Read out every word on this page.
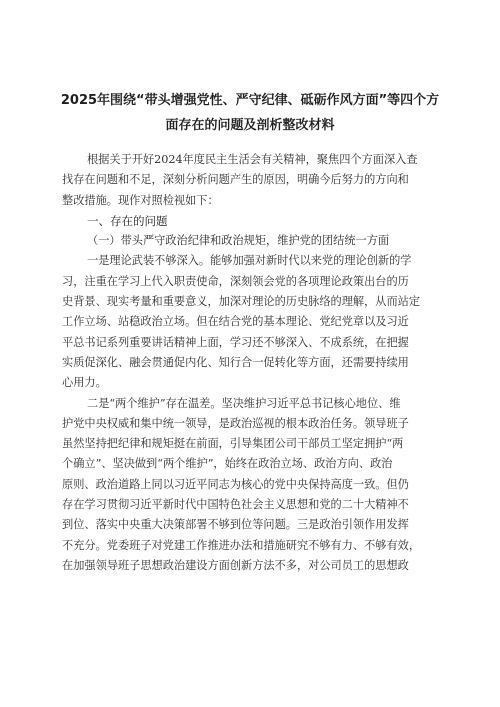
2025年围绕“带头增强党性、严守纪律、砥砺作风方面”等四个方
面存在的问题及剖析整改材料
根据关于开好2024年度民主生活会有关精神，聚焦四个方面深入查
找存在问题和不足，深刻分析问题产生的原因，明确今后努力的方向和
整改措施。现作对照检视如下：
一、存在的问题
（一）带头严守政治纪律和政治规矩，维护党的团结统一方面
一是理论武装不够深入。能够加强对新时代以来党的理论创新的学
习，注重在学习上代入职责使命，深刻领会党的各项理论政策出台的历
史背景、现实考量和重要意义，加深对理论的历史脉络的理解，从而站定
工作立场、站稳政治立场。但在结合党的基本理论、党纪党章以及习近
平总书记系列重要讲话精神上面，学习还不够深入、不成系统，在把握
实质促深化、融会贯通促内化、知行合一促转化等方面，还需要持续用
心用力。
二是“两个维护”存在温差。坚决维护习近平总书记核心地位、维
护党中央权威和集中统一领导，是政治巡视的根本政治任务。领导班子
虽然坚持把纪律和规矩挺在前面，引导集团公司干部员工坚定拥护“两
个确立”、坚决做到“两个维护”，始终在政治立场、政治方向、政治
原则、政治道路上同以习近平同志为核心的党中央保持高度一致。但仍
存在学习贯彻习近平新时代中国特色社会主义思想和党的二十大精神不
到位、落实中央重大决策部署不够到位等问题。三是政治引领作用发挥
不充分。党委班子对党建工作推进办法和措施研究不够有力、不够有效，
在加强领导班子思想政治建设方面创新方法不多，对公司员工的思想政
